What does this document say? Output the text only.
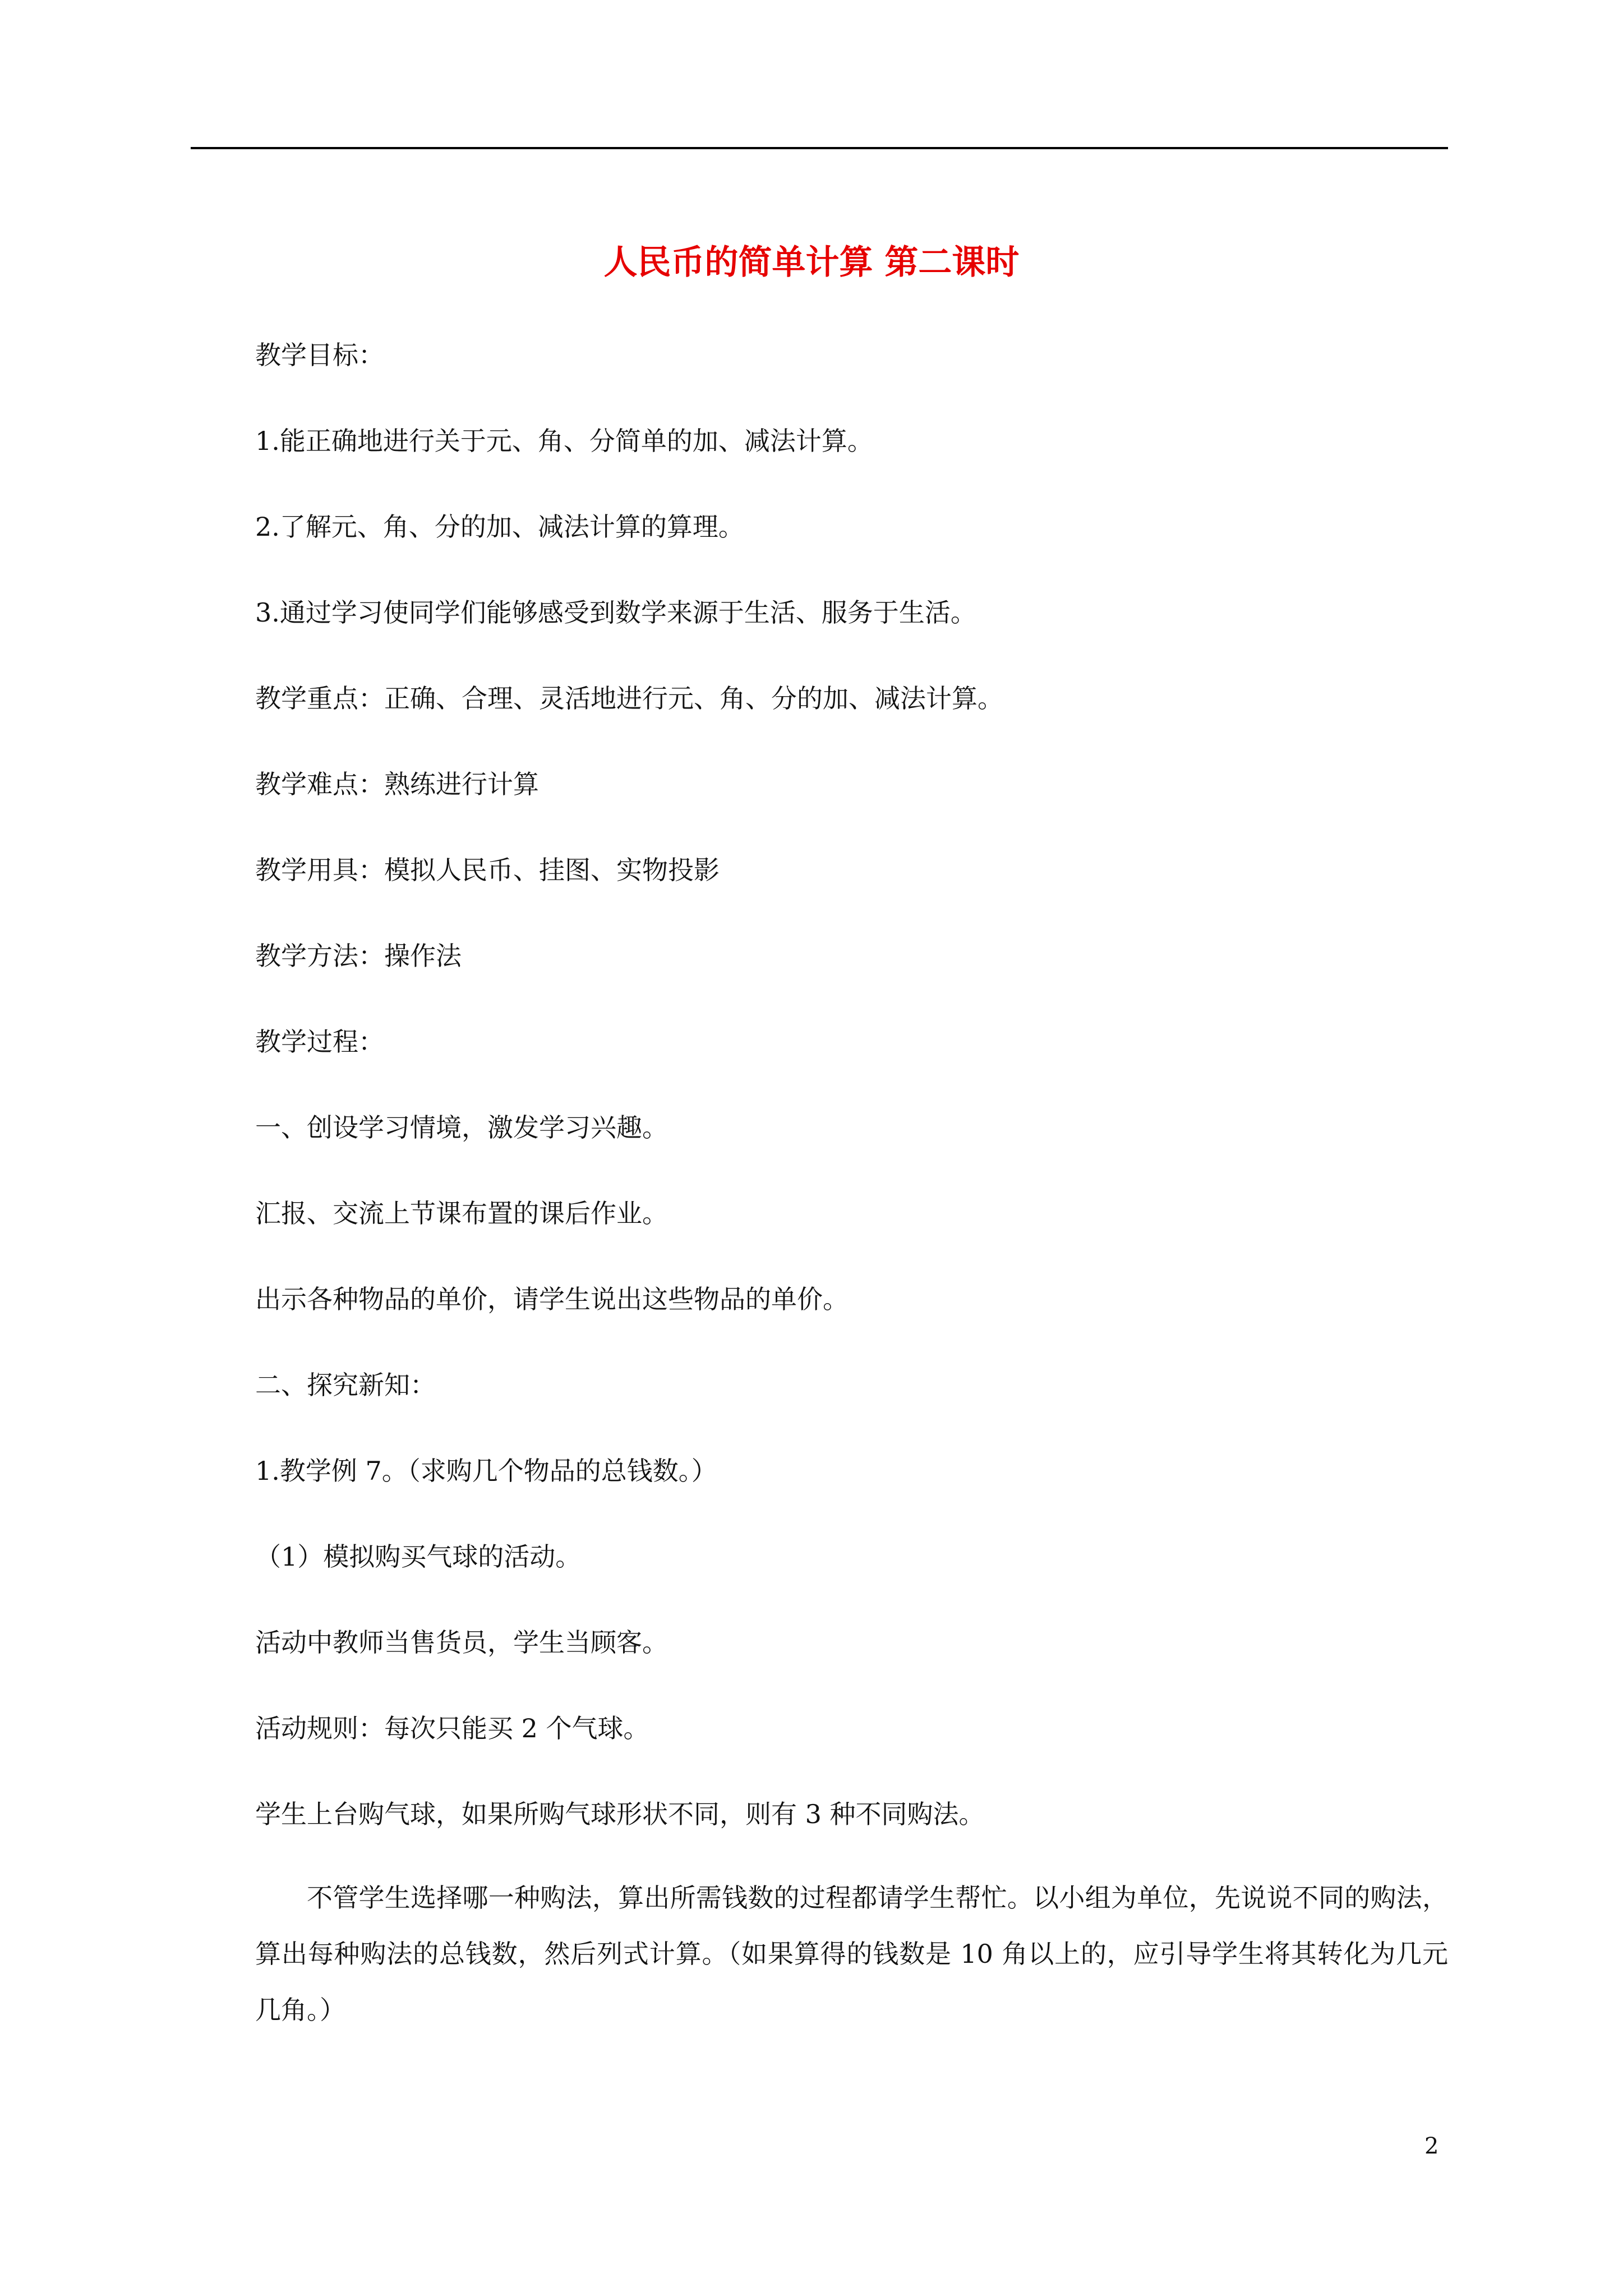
人民币的简单计算 第二课时
教学目标：
1.能正确地进行关于元、角、分简单的加、减法计算。
2.了解元、角、分的加、减法计算的算理。
3.通过学习使同学们能够感受到数学来源于生活、服务于生活。
教学重点：正确、合理、灵活地进行元、角、分的加、减法计算。
教学难点：熟练进行计算
教学用具：模拟人民币、挂图、实物投影
教学方法：操作法
教学过程：
一、创设学习情境，激发学习兴趣。
汇报、交流上节课布置的课后作业。
出示各种物品的单价，请学生说出这些物品的单价。
二、探究新知：
1.教学例 7。（求购几个物品的总钱数。）
（1）模拟购买气球的活动。
活动中教师当售货员，学生当顾客。
活动规则：每次只能买 2 个气球。
学生上台购气球，如果所购气球形状不同，则有 3 种不同购法。
不管学生选择哪一种购法，算出所需钱数的过程都请学生帮忙。以小组为单位，先说说不同的购法，算出每种购法的总钱数，然后列式计算。（如果算得的钱数是 10 角以上的，应引导学生将其转化为几元几角。）
2
